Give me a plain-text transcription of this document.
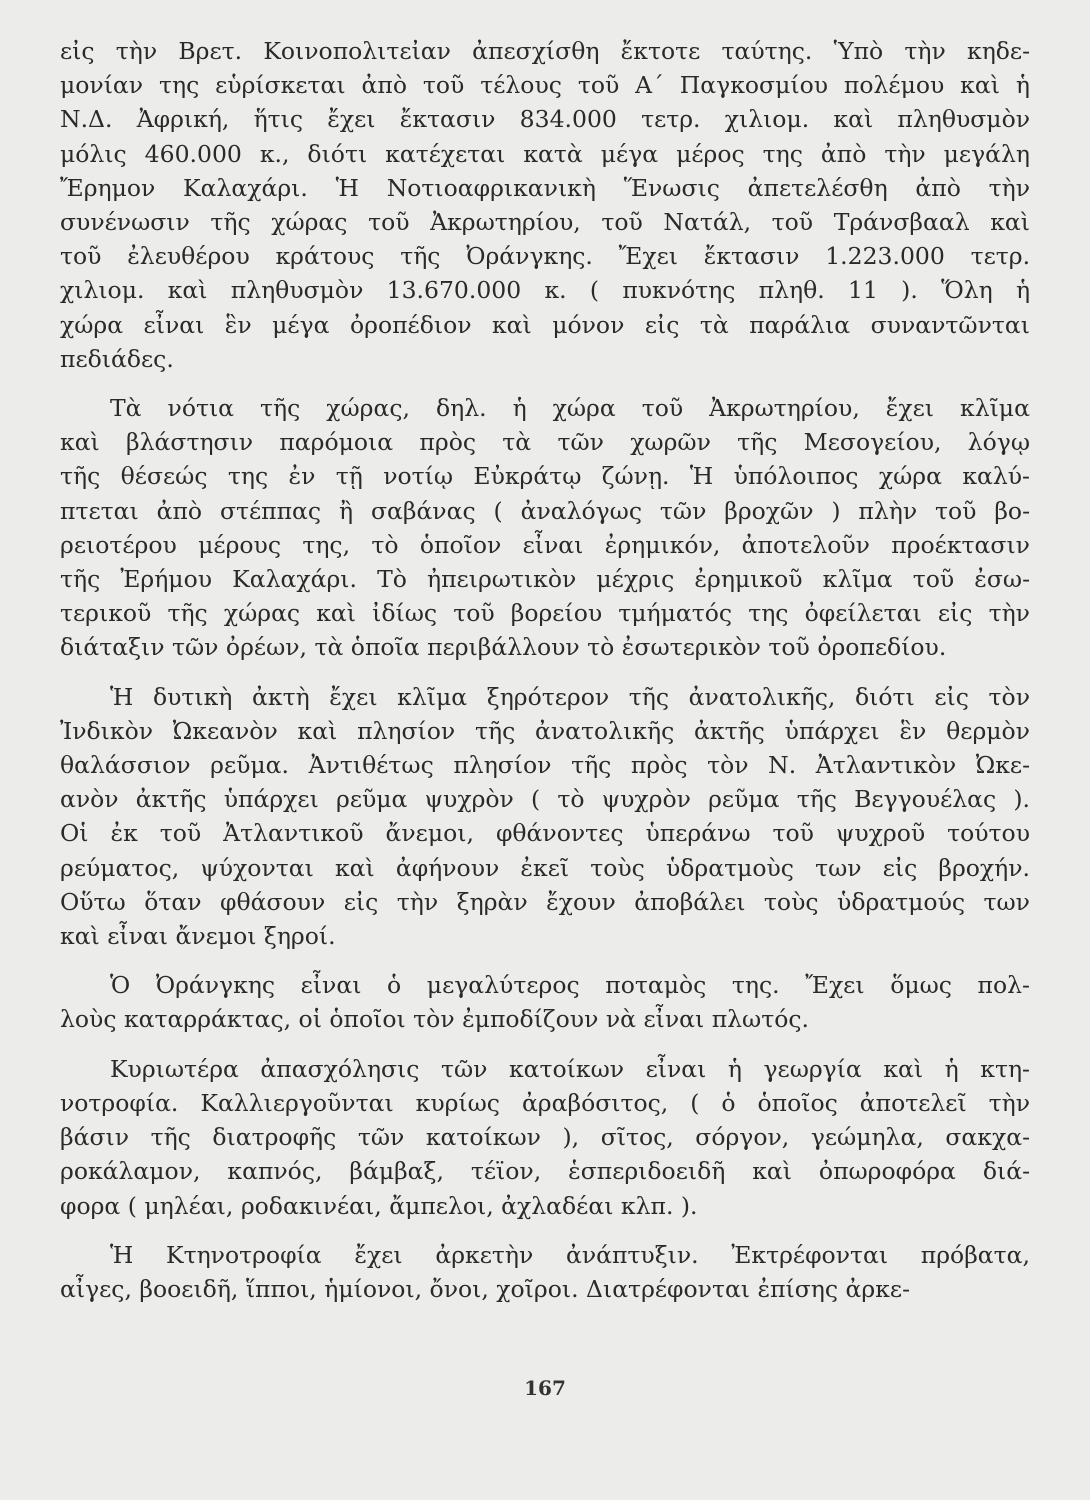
εἰς τὴν Βρετ. Κοινοπολιτεἰαν ἀπεσχίσθη ἔκτοτε ταύτης. Ὑπὸ τὴν κηδε-
μονίαν της εὑρίσκεται ἀπὸ τοῦ τέλους τοῦ Α΄ Παγκοσμίου πολέμου καὶ ἡ
Ν.Δ. Ἀφρική, ἥτις ἔχει ἔκτασιν 834.000 τετρ. χιλιομ. καὶ πληθυσμὸν
μόλις 460.000 κ., διότι κατέχεται κατὰ μέγα μέρος της ἀπὸ τὴν μεγάλη
Ἔρημον Καλαχάρι. Ἡ Νοτιοαφρικανικὴ Ἕνωσις ἀπετελέσθη ἀπὸ τὴν
συνένωσιν τῆς χώρας τοῦ Ἀκρωτηρίου, τοῦ Νατάλ, τοῦ Τράνσβααλ καὶ
τοῦ ἐλευθέρου κράτους τῆς Ὀράνγκης. Ἔχει ἔκτασιν 1.223.000 τετρ.
χιλιομ. καὶ πληθυσμὸν 13.670.000 κ. ( πυκνότης πληθ. 11 ). Ὅλη ἡ
χώρα εἶναι ἓν μέγα ὀροπέδιον καὶ μόνον εἰς τὰ παράλια συναντῶνται
πεδιάδες.
Τὰ νότια τῆς χώρας, δηλ. ἡ χώρα τοῦ Ἀκρωτηρίου, ἔχει κλῖμα
καὶ βλάστησιν παρόμοια πρὸς τὰ τῶν χωρῶν τῆς Μεσογείου, λόγῳ
τῆς θέσεώς της ἐν τῇ νοτίῳ Εὐκράτῳ ζώνῃ. Ἡ ὑπόλοιπος χώρα καλύ-
πτεται ἀπὸ στέππας ἢ σαβάνας ( ἀναλόγως τῶν βροχῶν ) πλὴν τοῦ βο-
ρειοτέρου μέρους της, τὸ ὁποῖον εἶναι ἐρημικόν, ἀποτελοῦν προέκτασιν
τῆς Ἐρήμου Καλαχάρι. Τὸ ἠπειρωτικὸν μέχρις ἐρημικοῦ κλῖμα τοῦ ἐσω-
τερικοῦ τῆς χώρας καὶ ἰδίως τοῦ βορείου τμήματός της ὀφείλεται εἰς τὴν
διάταξιν τῶν ὀρέων, τὰ ὁποῖα περιβάλλουν τὸ ἐσωτερικὸν τοῦ ὀροπεδίου.
Ἡ δυτικὴ ἀκτὴ ἔχει κλῖμα ξηρότερον τῆς ἀνατολικῆς, διότι εἰς τὸν
Ἰνδικὸν Ὠκεανὸν καὶ πλησίον τῆς ἀνατολικῆς ἀκτῆς ὑπάρχει ἓν θερμὸν
θαλάσσιον ρεῦμα. Ἀντιθέτως πλησίον τῆς πρὸς τὸν Ν. Ἀτλαντικὸν Ὠκε-
ανὸν ἀκτῆς ὑπάρχει ρεῦμα ψυχρὸν ( τὸ ψυχρὸν ρεῦμα τῆς Βεγγουέλας ).
Οἱ ἐκ τοῦ Ἀτλαντικοῦ ἄνεμοι, φθάνοντες ὑπεράνω τοῦ ψυχροῦ τούτου
ρεύματος, ψύχονται καὶ ἀφήνουν ἐκεῖ τοὺς ὑδρατμοὺς των εἰς βροχήν.
Οὕτω ὅταν φθάσουν εἰς τὴν ξηρὰν ἔχουν ἀποβάλει τοὺς ὑδρατμούς των
καὶ εἶναι ἄνεμοι ξηροί.
Ὁ Ὀράνγκης εἶναι ὁ μεγαλύτερος ποταμὸς της. Ἔχει ὅμως πολ-
λοὺς καταρράκτας, οἱ ὁποῖοι τὸν ἐμποδίζουν νὰ εἶναι πλωτός.
Κυριωτέρα ἀπασχόλησις τῶν κατοίκων εἶναι ἡ γεωργία καὶ ἡ κτη-
νοτροφία. Καλλιεργοῦνται κυρίως ἀραβόσιτος, ( ὁ ὁποῖος ἀποτελεῖ τὴν
βάσιν τῆς διατροφῆς τῶν κατοίκων ), σῖτος, σόργον, γεώμηλα, σακχα-
ροκάλαμον, καπνός, βάμβαξ, τέϊον, ἑσπεριδοειδῆ καὶ ὀπωροφόρα διά-
φορα ( μηλέαι, ροδακινέαι, ἄμπελοι, ἀχλαδέαι κλπ. ).
Ἡ Κτηνοτροφία ἔχει ἀρκετὴν ἀνάπτυξιν. Ἐκτρέφονται πρόβατα,
αἶγες, βοοειδῆ, ἵπποι, ἡμίονοι, ὄνοι, χοῖροι. Διατρέφονται ἐπίσης ἀρκε-
167
